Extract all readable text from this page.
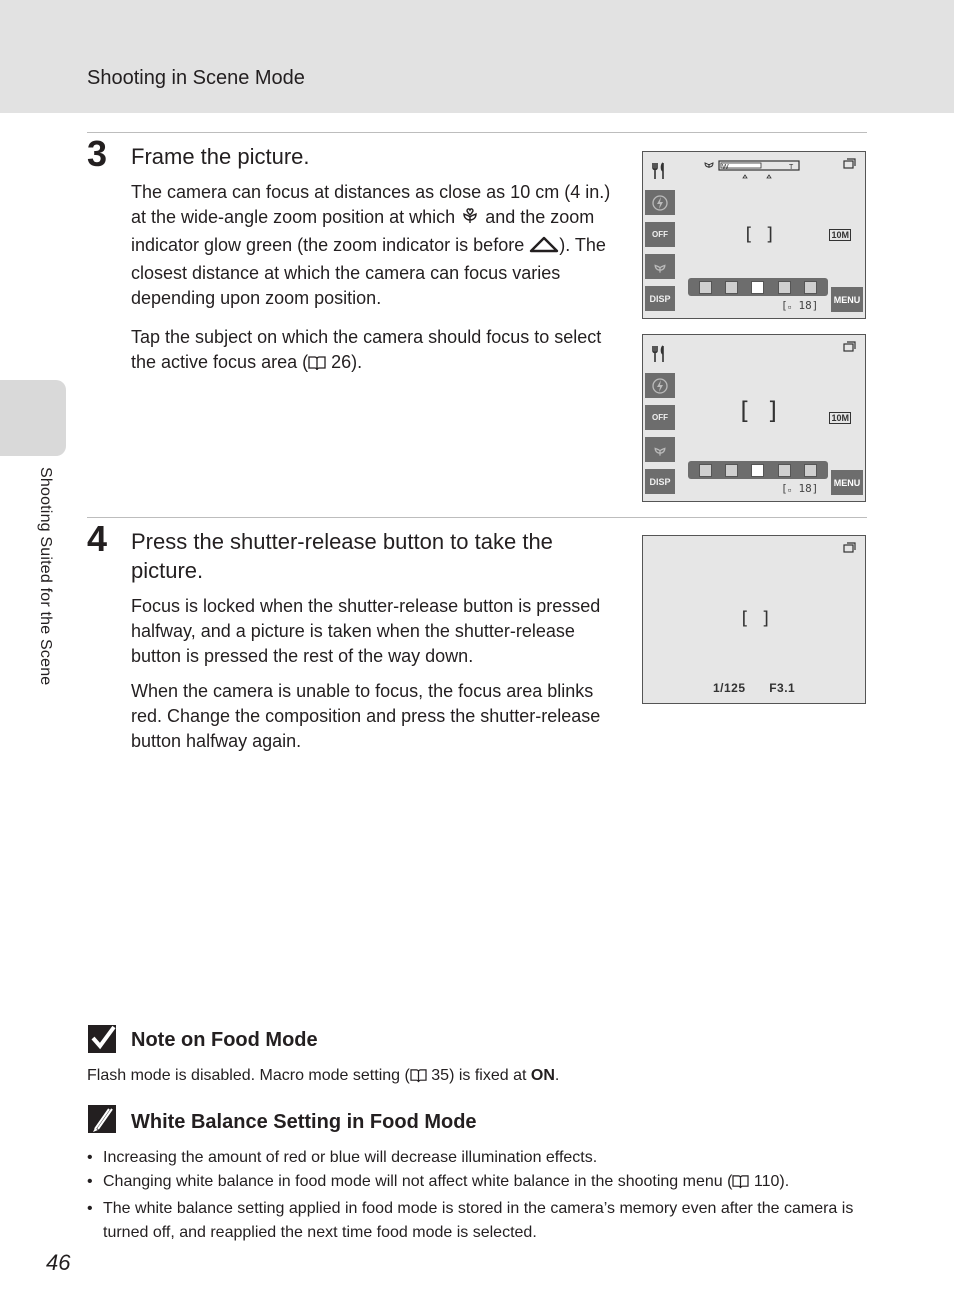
Shooting in Scene Mode
Shooting Suited for the Scene
3 Frame the picture.

The camera can focus at distances as close as 10 cm (4 in.) at the wide-angle zoom position at which  and the zoom indicator glow green (the zoom indicator is before ). The closest distance at which the camera can focus varies depending upon zoom position.

Tap the subject on which the camera should focus to select the active focus area ( 26).

OFF
DISP
W	T
[ ]	10M
[▫ 18] MENU
OFF
DISP
[ ]	10M
[▫ 18] MENU
4 Press the shutter-release button to take the picture.

Focus is locked when the shutter-release button is pressed halfway, and a picture is taken when the shutter-release button is pressed the rest of the way down.

When the camera is unable to focus, the focus area blinks red. Change the composition and press the shutter-release button halfway again.

[ ]
1/125 F3.1
Note on Food Mode

Flash mode is disabled. Macro mode setting ( 35) is fixed at ON.

White Balance Setting in Food Mode
• Increasing the amount of red or blue will decrease illumination effects.
• Changing white balance in food mode will not affect white balance in the shooting menu ( 110).
• The white balance setting applied in food mode is stored in the camera’s memory even after the camera is turned off, and reapplied the next time food mode is selected.
46
